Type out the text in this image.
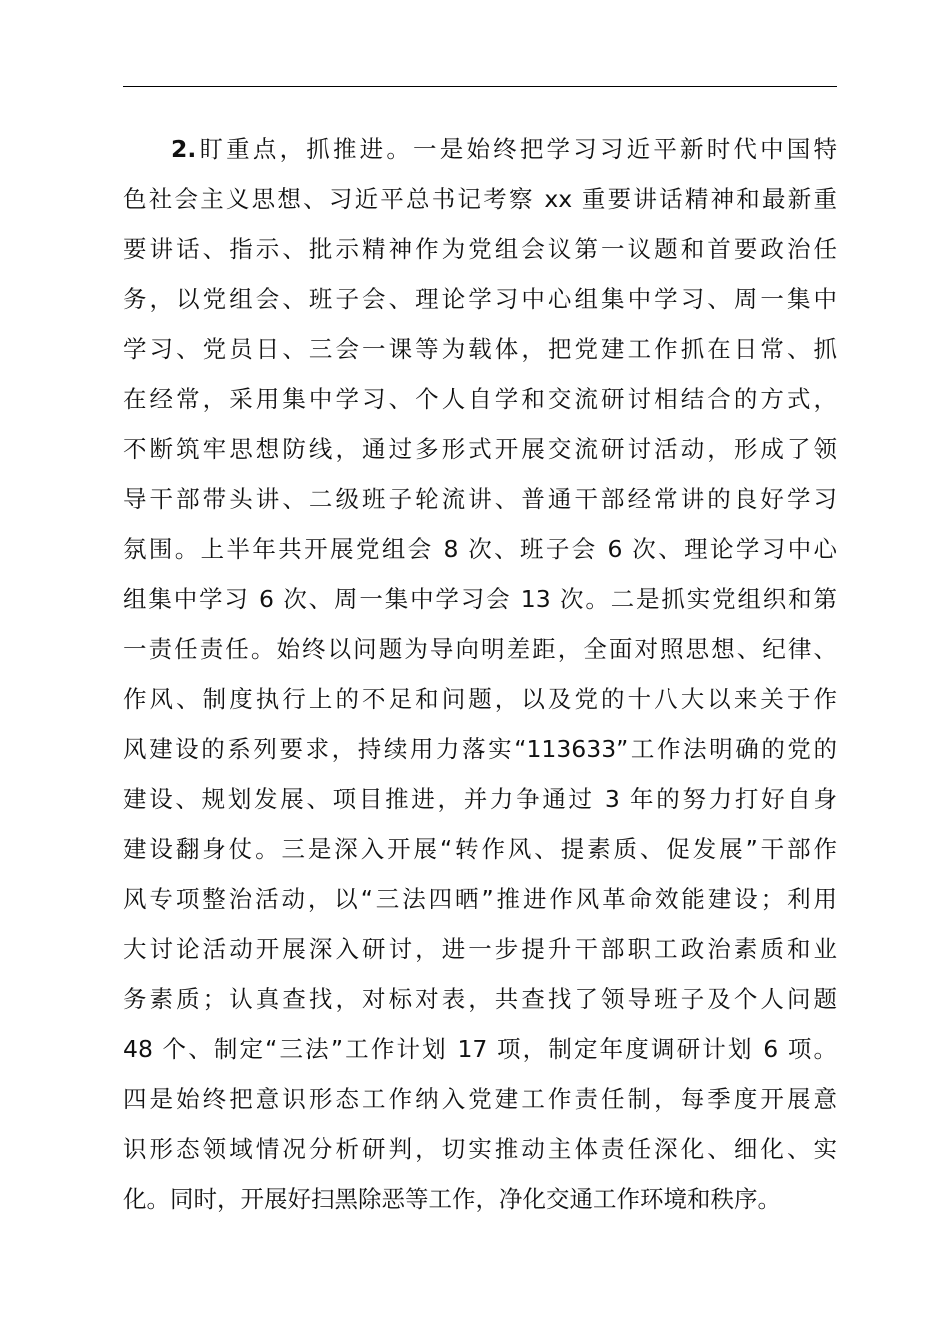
2.盯重点，抓推进。一是始终把学习习近平新时代中国特
色社会主义思想、习近平总书记考察 xx 重要讲话精神和最新重
要讲话、指示、批示精神作为党组会议第一议题和首要政治任
务，以党组会、班子会、理论学习中心组集中学习、周一集中
学习、党员日、三会一课等为载体，把党建工作抓在日常、抓
在经常，采用集中学习、个人自学和交流研讨相结合的方式，
不断筑牢思想防线，通过多形式开展交流研讨活动，形成了领
导干部带头讲、二级班子轮流讲、普通干部经常讲的良好学习
氛围。上半年共开展党组会 8 次、班子会 6 次、理论学习中心
组集中学习 6 次、周一集中学习会 13 次。二是抓实党组织和第
一责任责任。始终以问题为导向明差距，全面对照思想、纪律、
作风、制度执行上的不足和问题，以及党的十八大以来关于作
风建设的系列要求，持续用力落实“113633”工作法明确的党的
建设、规划发展、项目推进，并力争通过 3 年的努力打好自身
建设翻身仗。三是深入开展“转作风、提素质、促发展”干部作
风专项整治活动，以“三法四晒”推进作风革命效能建设；利用
大讨论活动开展深入研讨，进一步提升干部职工政治素质和业
务素质；认真查找，对标对表，共查找了领导班子及个人问题
48 个、制定“三法”工作计划 17 项，制定年度调研计划 6 项。
四是始终把意识形态工作纳入党建工作责任制，每季度开展意
识形态领域情况分析研判，切实推动主体责任深化、细化、实
化。同时，开展好扫黑除恶等工作，净化交通工作环境和秩序。
